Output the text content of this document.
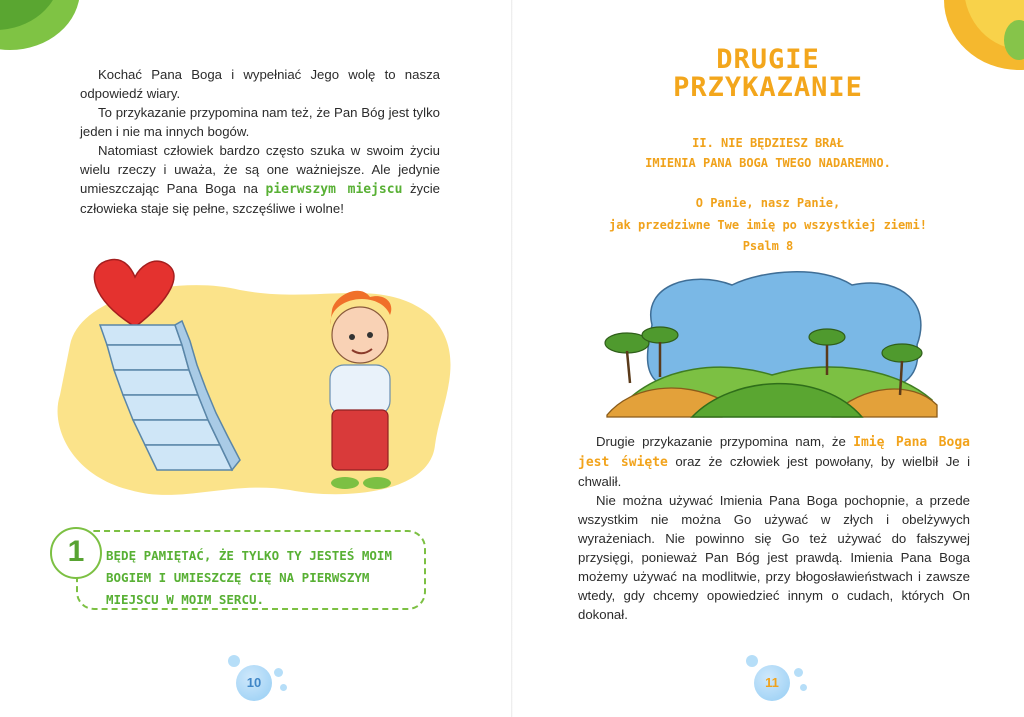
Kochać Pana Boga i wypełniać Jego wolę to nasza odpowiedź wiary.

To przykazanie przypomina nam też, że Pan Bóg jest tylko jeden i nie ma innych bogów.

Natomiast człowiek bardzo często szuka w swoim życiu wielu rzeczy i uważa, że są one ważniejsze. Ale jedynie umieszczając Pana Boga na pierwszym miejscu życie człowieka staje się pełne, szczęśliwe i wolne!

1	BĘDĘ PAMIĘTAĆ, ŻE TYLKO TY JESTEŚ MOIM BOGIEM I UMIESZCZĘ CIĘ NA PIERWSZYM MIEJSCU W MOIM SERCU.
10
DRUGIE
PRZYKAZANIE
II. NIE BĘDZIESZ BRAŁ
IMIENIA PANA BOGA TWEGO NADAREMNO.
O Panie, nasz Panie,
jak przedziwne Twe imię po wszystkiej ziemi!
Psalm 8

Drugie przykazanie przypomina nam, że Imię Pana Boga jest święte oraz że człowiek jest powołany, by wielbił Je i chwalił.

Nie można używać Imienia Pana Boga pochopnie, a przede wszystkim nie można Go używać w złych i obelżywych wyrażeniach. Nie powinno się Go też używać do fałszywej przysięgi, ponieważ Pan Bóg jest prawdą. Imienia Pana Boga możemy używać na modlitwie, przy błogosławieństwach i zawsze wtedy, gdy chcemy opowiedzieć innym o cudach, których On dokonał.

11
